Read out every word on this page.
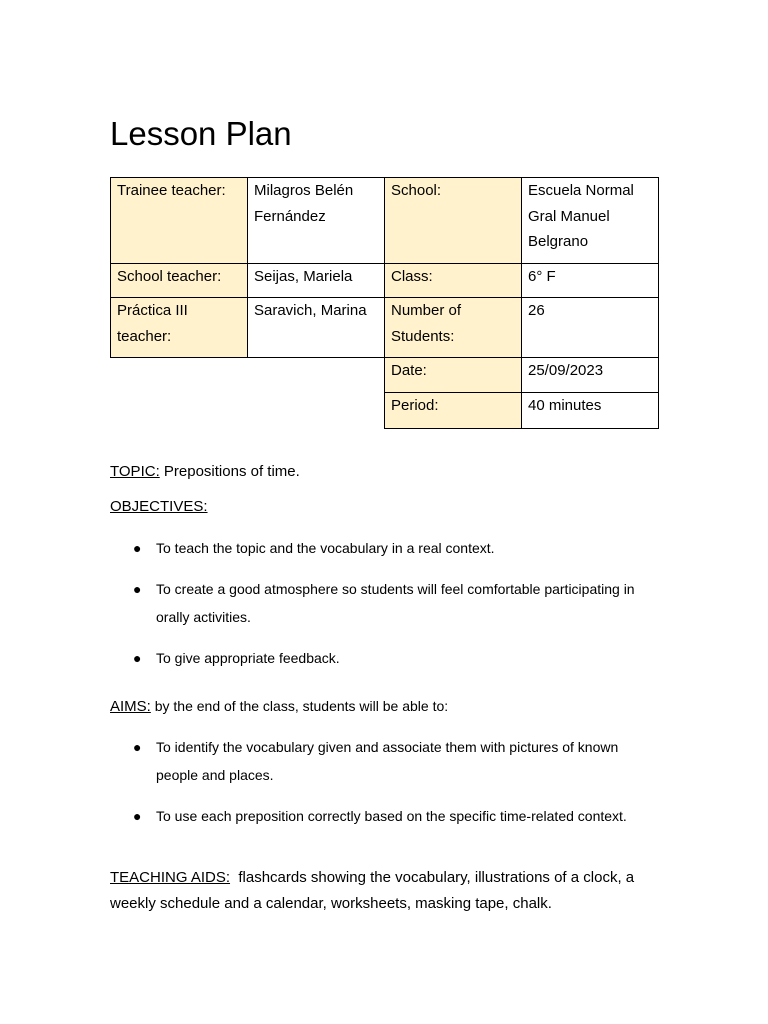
Lesson Plan
Trainee teacher:	Milagros Belén Fernández	School:	Escuela Normal Gral Manuel Belgrano
School teacher:	Seijas, Mariela	Class:	6° F
Práctica III teacher:	Saravich, Marina	Number of Students:	26
		Date:	25/09/2023
		Period:	40 minutes
TOPIC: Prepositions of time.
OBJECTIVES:
● To teach the topic and the vocabulary in a real context.
● To create a good atmosphere so students will feel comfortable participating in orally activities.
● To give appropriate feedback.
AIMS: by the end of the class, students will be able to:
● To identify the vocabulary given and associate them with pictures of known people and places.
● To use each preposition correctly based on the specific time-related context.
TEACHING AIDS:  flashcards showing the vocabulary, illustrations of a clock, a weekly schedule and a calendar, worksheets, masking tape, chalk.
